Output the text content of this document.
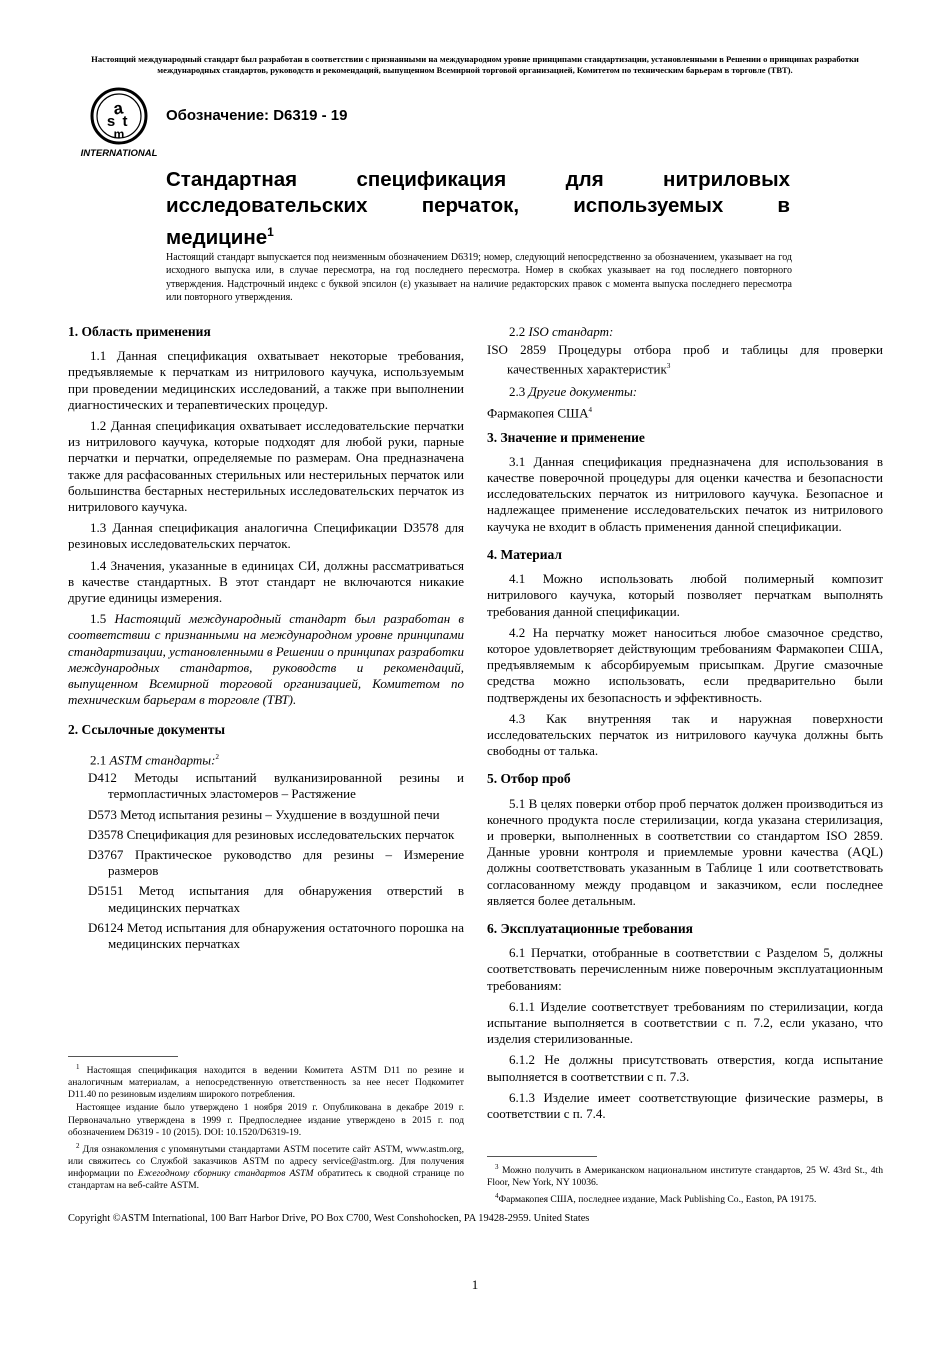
Настоящий международный стандарт был разработан в соответствии с признанными на международном уровне принципами стандартизации, установленными в Решении о принципах разработки международных стандартов, руководств и рекомендаций, выпущенном Всемирной торговой организацией, Комитетом по техническим барьерам в торговле (ТВТ).
a
s t
m
INTERNATIONAL
Обозначение: D6319 - 19
Стандартная спецификация для нитриловых исследовательских перчаток, используемых в
медицине$^1$
Настоящий стандарт выпускается под неизменным обозначением D6319; номер, следующий непосредственно за обозначением, указывает на год исходного выпуска или, в случае пересмотра, на год последнего пересмотра. Номер в скобках указывает на год последнего повторного утверждения. Надстрочный индекс с буквой эпсилон (ε) указывает на наличие редакторских правок с момента выпуска последнего пересмотра или повторного утверждения.
1. Область применения

1.1 Данная спецификация охватывает некоторые требования, предъявляемые к перчаткам из нитрилового каучука, используемым при проведении медицинских исследований, а также при выполнении диагностических и терапевтических процедур.

1.2 Данная спецификация охватывает исследовательские перчатки из нитрилового каучука, которые подходят для любой руки, парные перчатки и перчатки, определяемые по размерам. Она предназначена также для расфасованных стерильных или нестерильных перчаток или большинства бестарных нестерильных исследовательских перчаток из нитрилового каучука.

1.3 Данная спецификация аналогична Спецификации D3578 для резиновых исследовательских перчаток.

1.4 Значения, указанные в единицах СИ, должны рассматриваться в качестве стандартных. В этот стандарт не включаются никакие другие единицы измерения.

1.5 Настоящий международный стандарт был разработан в соответствии с признанными на международном уровне принципами стандартизации, установленными в Решении о принципах разработки международных стандартов, руководств и рекомендаций, выпущенном Всемирной торговой организацией, Комитетом по техническим барьерам в торговле (ТВТ).

2. Ссылочные документы
2.1 ASTM стандарты:$^2$
D412 Методы испытаний вулканизированной резины и термопластичных эластомеров – Растяжение
D573 Метод испытания резины – Ухудшение в воздушной печи
D3578 Спецификация для резиновых исследовательских перчаток
D3767 Практическое руководство для резины – Измерение размеров
D5151 Метод испытания для обнаружения отверстий в медицинских перчатках
D6124 Метод испытания для обнаружения остаточного порошка на медицинских перчатках

$^1$ Настоящая спецификация находится в ведении Комитета ASTM D11 по резине и аналогичным материалам, а непосредственную ответственность за нее несет Подкомитет D11.40 по резиновым изделиям широкого потребления.

Настоящее издание было утверждено 1 ноября 2019 г. Опубликована в декабре 2019 г. Первоначально утверждена в 1999 г. Предпоследнее издание утверждено в 2015 г. под обозначением D6319 - 10 (2015). DOI: 10.1520/D6319-19.

$^2$ Для ознакомления с упомянутыми стандартами ASTM посетите сайт ASTM, www.astm.org, или свяжитесь со Службой заказчиков ASTM по адресу service@astm.org. Для получения информации по Ежегодному сборнику стандартов ASTM обратитесь к сводной странице по стандартам на веб-сайте ASTM.

2.2 ISO стандарт:
ISO 2859 Процедуры отбора проб и таблицы для проверки качественных характеристик$^3$
2.3 Другие документы:
Фармакопея США$^4$
3. Значение и применение

3.1 Данная спецификация предназначена для использования в качестве поверочной процедуры для оценки качества и безопасности исследовательских перчаток из нитрилового каучука. Безопасное и надлежащее применение исследовательских печаток из нитрилового каучука не входит в область применения данной спецификации.

4. Материал

4.1 Можно использовать любой полимерный композит нитрилового каучука, который позволяет перчаткам выполнять требования данной спецификации.

4.2 На перчатку может наноситься любое смазочное средство, которое удовлетворяет действующим требованиям Фармакопеи США, предъявляемым к абсорбируемым присыпкам. Другие смазочные средства можно использовать, если предварительно были подтверждены их безопасность и эффективность.

4.3 Как внутренняя так и наружная поверхности исследовательских перчаток из нитрилового каучука должны быть свободны от талька.

5. Отбор проб

5.1 В целях поверки отбор проб перчаток должен производиться из конечного продукта после стерилизации, когда указана стерилизация, и проверки, выполненных в соответствии со стандартом ISO 2859. Данные уровни контроля и приемлемые уровни качества (AQL) должны соответствовать указанным в Таблице 1 или соответствовать согласованному между продавцом и заказчиком, если последнее является более детальным.

6. Эксплуатационные требования

6.1 Перчатки, отобранные в соответствии с Разделом 5, должны соответствовать перечисленным ниже поверочным эксплуатационным требованиям:

6.1.1 Изделие соответствует требованиям по стерилизации, когда испытание выполняется в соответствии с п. 7.2, если указано, что изделия стерилизованные.

6.1.2 Не должны присутствовать отверстия, когда испытание выполняется в соответствии с п. 7.3.

6.1.3 Изделие имеет соответствующие физические размеры, в соответствии с п. 7.4.

$^3$ Можно получить в Американском национальном институте стандартов, 25 W. 43rd St., 4th Floor, New York, NY 10036.

$^4$Фармакопея США, последнее издание, Mack Publishing Co., Easton, PA 19175.

Copyright ©ASTM International, 100 Barr Harbor Drive, PO Box C700, West Conshohocken, PA 19428-2959. United States
1
